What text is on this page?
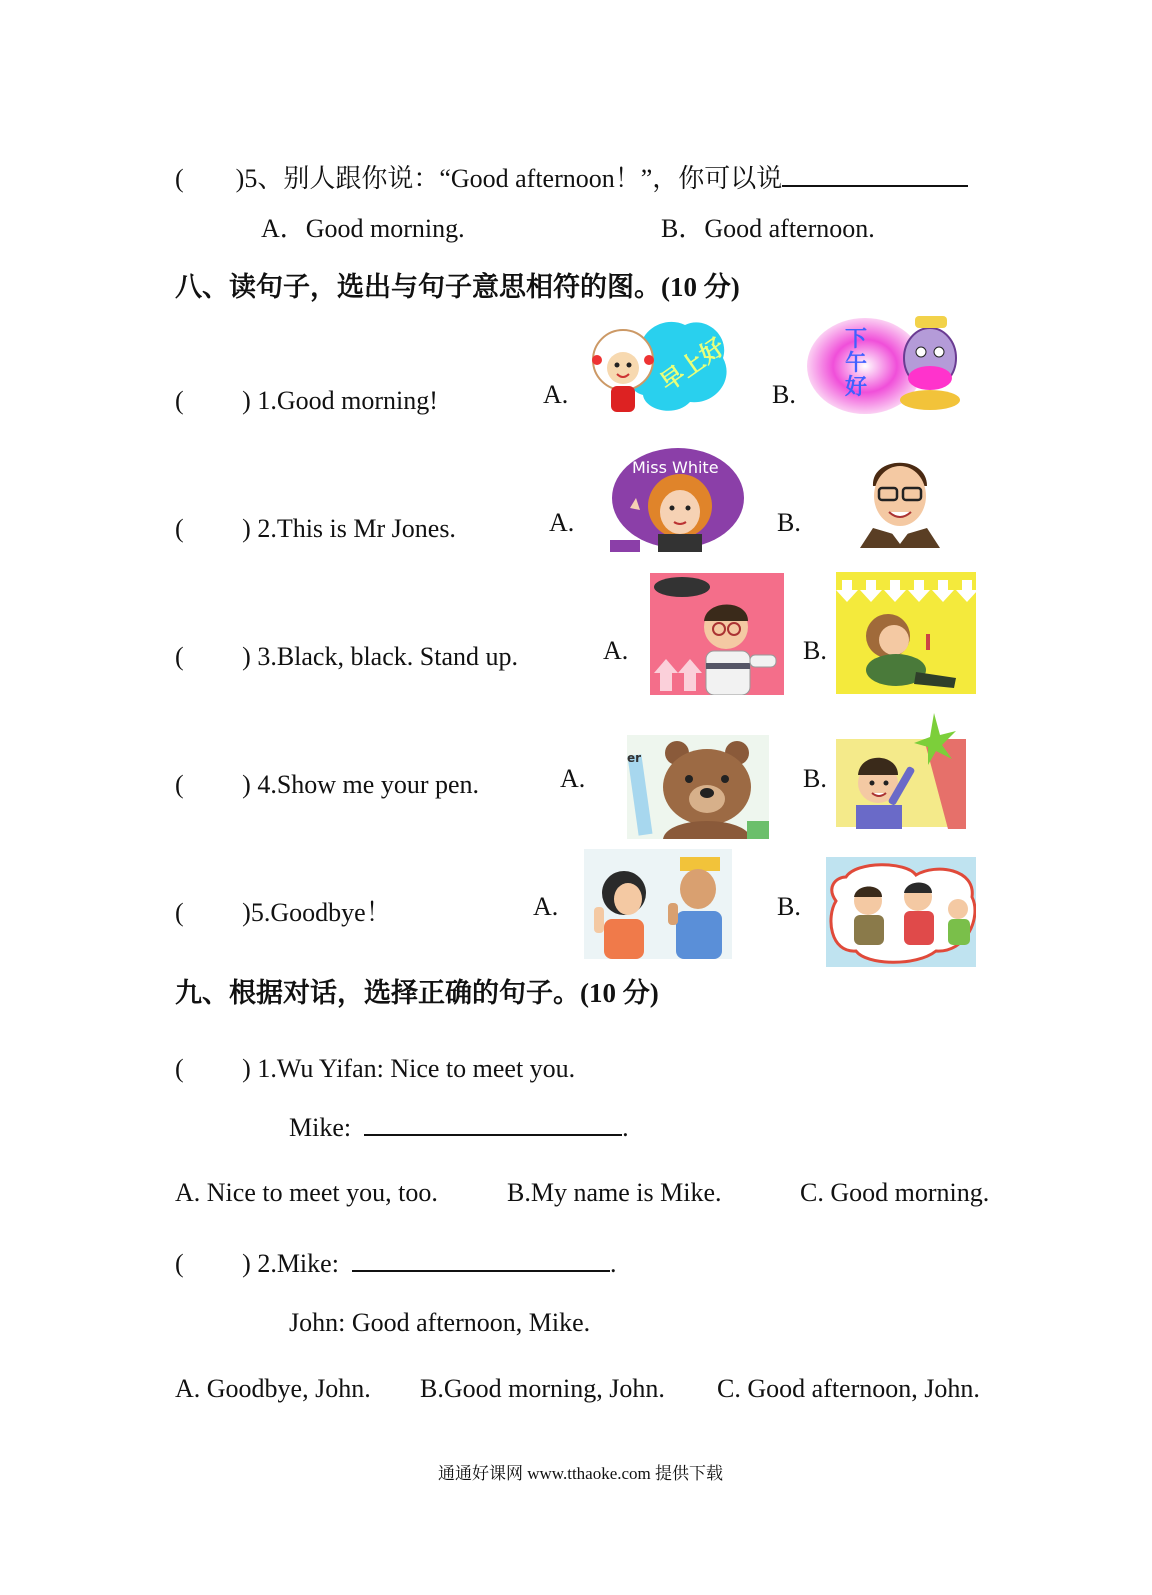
(　　)5、别人跟你说：“Good afternoon！”，你可以说
A．Good morning.	B．Good afternoon.
八、读句子，选出与句子意思相符的图。(10 分)
(　　 ) 1.Good morning!	A.	B.
早上好	下午好
(　　 ) 2.This is Mr Jones.	A.	B.
Miss White
(　　 ) 3.Black, black. Stand up.	A.	B.
(　　 ) 4.Show me your pen.	A.	B.
er
(　　 )5.Goodbye！	A.	B.
九、根据对话，选择正确的句子。(10 分)
(　　 ) 1.Wu Yifan: Nice to meet you.
Mike:	.
A. Nice to meet you, too.	B.My name is Mike.	C. Good morning.
(　　 ) 2.Mike:	.
John: Good afternoon, Mike.
A. Goodbye, John. B.Good morning, John. C. Good afternoon, John.
通通好课网 www.tthaoke.com 提供下载
